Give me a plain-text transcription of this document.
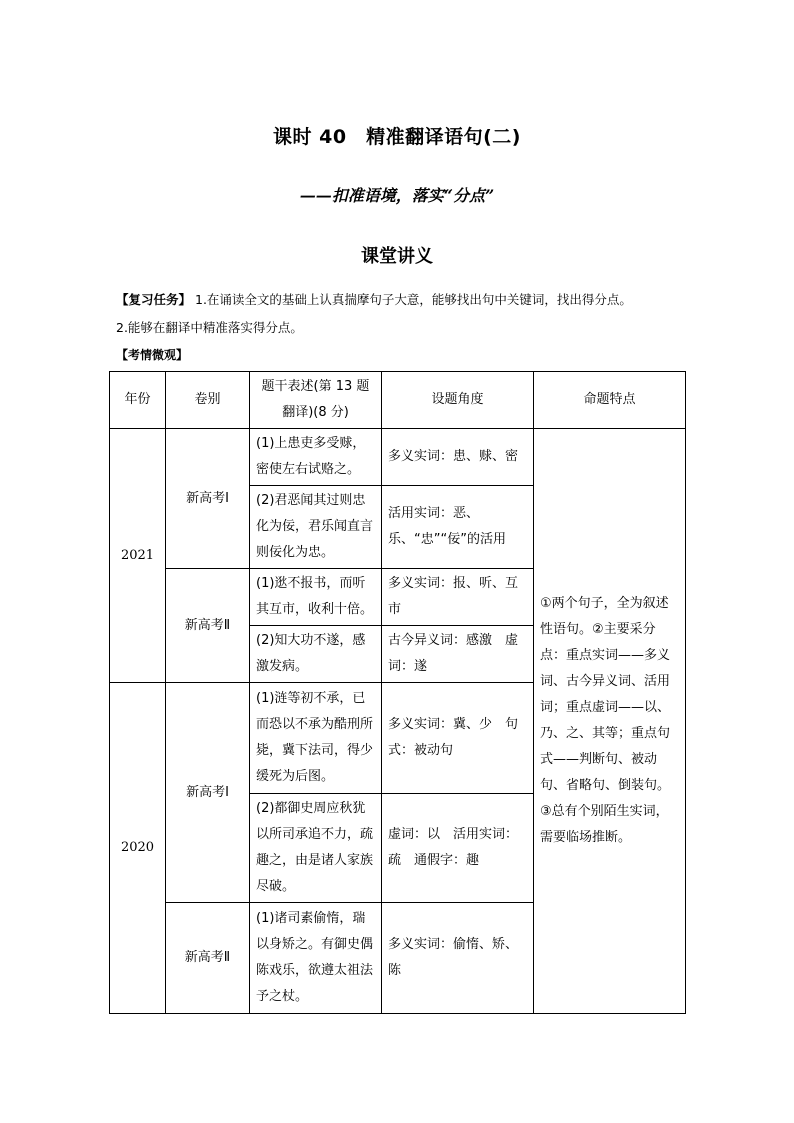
课时 40　精准翻译语句(二)
——扣准语境，落实“分点”
课堂讲义
【复习任务】 1.在诵读全文的基础上认真揣摩句子大意，能够找出句中关键词，找出得分点。
2.能够在翻译中精准落实得分点。
【考情微观】
年份	卷别	题干表述(第 13 题翻译)(8 分)	设题角度	命题特点
2021	新高考Ⅰ	(1)上患吏多受赇，密使左右试赂之。	多义实词：患、赇、密	①两个句子，全为叙述性语句。②主要采分点：重点实词——多义词、古今异义词、活用词；重点虚词——以、乃、之、其等；重点句式——判断句、被动句、省略句、倒装句。③总有个别陌生实词，需要临场推断。
		(2)君恶闻其过则忠化为佞，君乐闻直言则佞化为忠。	活用实词：恶、乐、“忠”“佞”的活用	
	新高考Ⅱ	(1)逖不报书，而听其互市，收利十倍。	多义实词：报、听、互市	
		(2)知大功不遂，感激发病。	古今异义词：感激　虚词：遂	
2020	新高考Ⅰ	(1)涟等初不承，已而恐以不承为酷刑所毙，冀下法司，得少缓死为后图。	多义实词：冀、少　句式：被动句	
		(2)都御史周应秋犹以所司承追不力，疏趣之，由是诸人家族尽破。	虚词：以　活用实词：疏　通假字：趣	
	新高考Ⅱ	(1)诸司素偷惰，瑞以身矫之。有御史偶陈戏乐，欲遵太祖法予之杖。	多义实词：偷惰、矫、陈	
